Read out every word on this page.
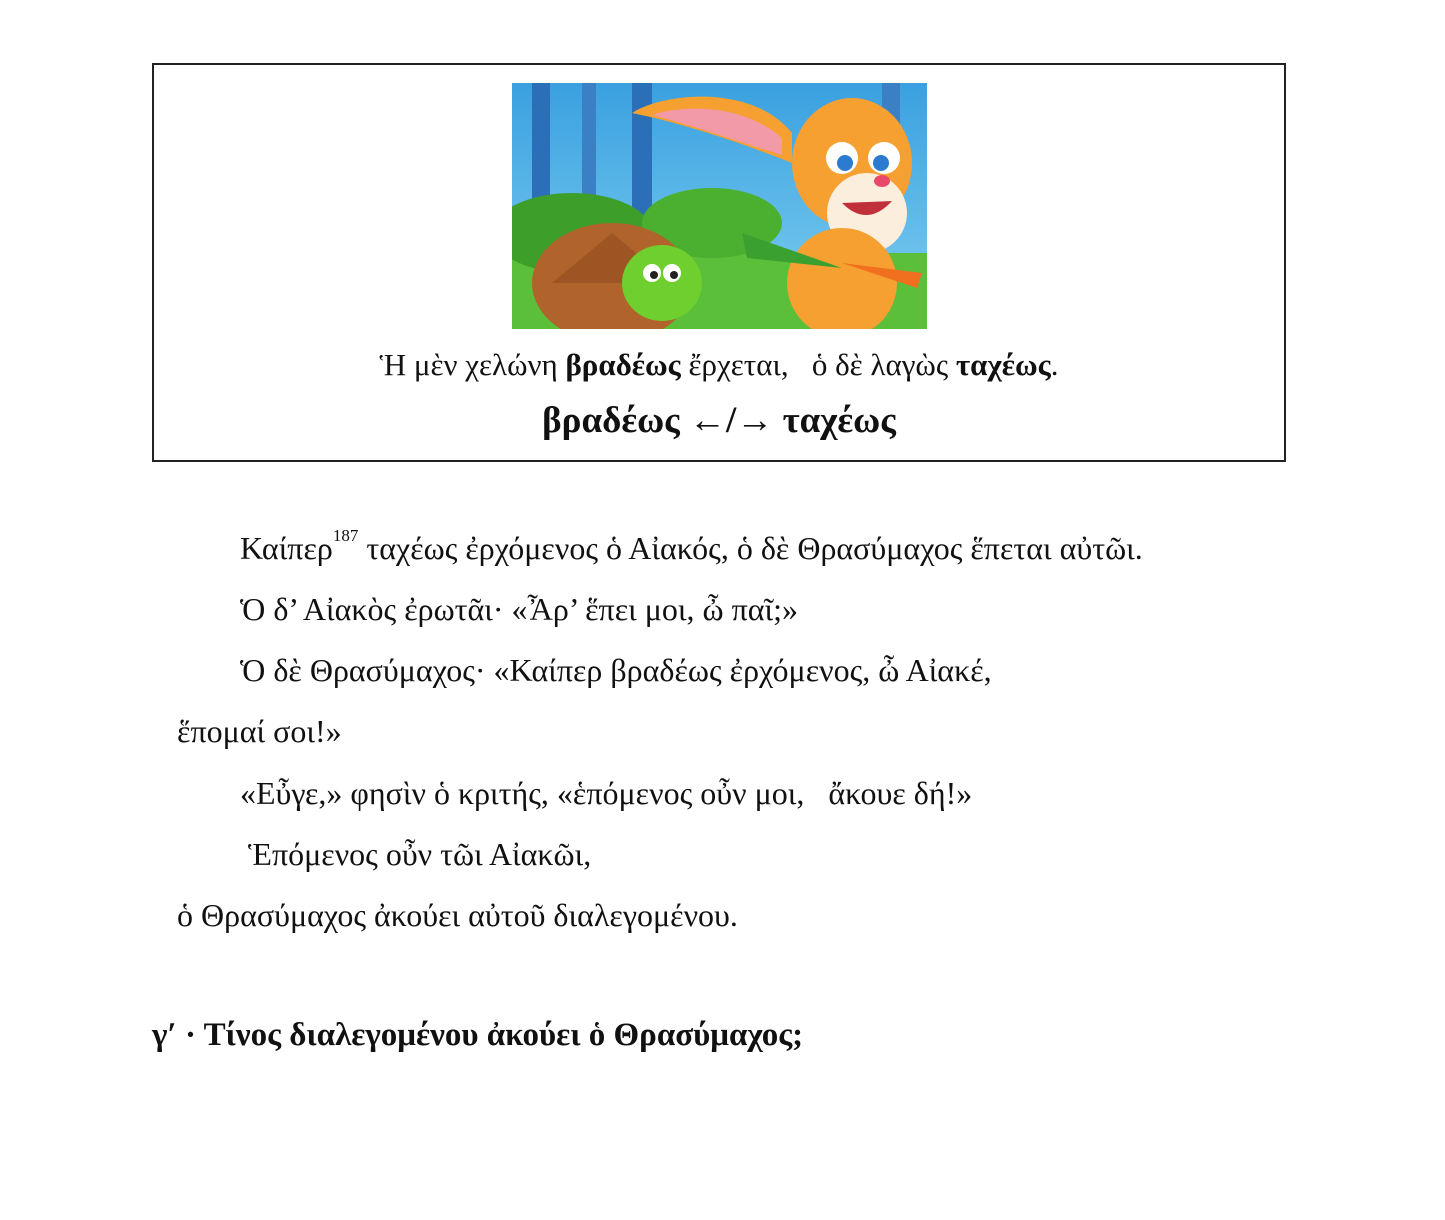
Ἡ μὲν χελώνη βραδέως ἔρχεται,   ὁ δὲ λαγὼς ταχέως.
βραδέως ←/→ ταχέως
Καίπερ$^{187}$ ταχέως ἐρχόμενος ὁ Αἰακός, ὁ δὲ Θρασύμαχος ἕπεται αὐτῶι.
Ὁ δ’ Αἰακὸς ἐρωτᾶι· «Ἆρ’ ἕπει μοι, ὦ παῖ;»
Ὁ δὲ Θρασύμαχος· «Καίπερ βραδέως ἐρχόμενος, ὦ Αἰακέ,
ἕπομαί σοι!»
«Εὖγε,» φησὶν ὁ κριτής, «ἑπόμενος οὖν μοι,   ἄκουε δή!»
Ἑπόμενος οὖν τῶι Αἰακῶι,
ὁ Θρασύμαχος ἀκούει αὐτοῦ διαλεγομένου.
γʹ · Τίνος διαλεγομένου ἀκούει ὁ Θρασύμαχος;
